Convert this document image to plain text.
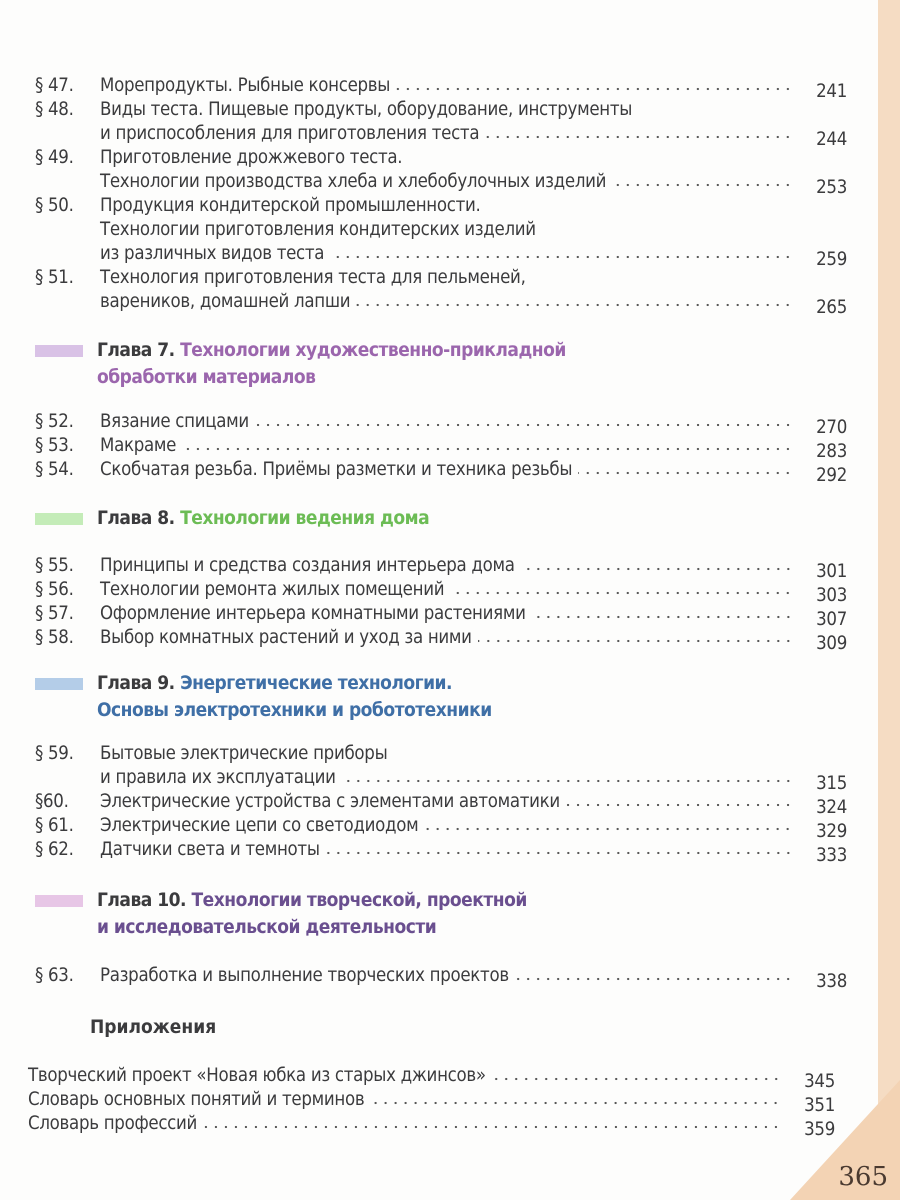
§ 47.	Морепродукты. Рыбные консервы	241
§ 48.	Виды теста. Пищевые продукты, оборудование, инструменты
и приспособления для приготовления теста	244
§ 49.	Приготовление дрожжевого теста.
Технологии производства хлеба и хлебобулочных изделий	253
§ 50.	Продукция кондитерской промышленности.
Технологии приготовления кондитерских изделий
из различных видов теста	259
§ 51.	Технология приготовления теста для пельменей,
вареников, домашней лапши	265
§ 52.	Вязание спицами	270
§ 53.	Макраме	283
§ 54.	Скобчатая резьба. Приёмы разметки и техника резьбы	292
§ 55.	Принципы и средства создания интерьера дома	301
§ 56.	Технологии ремонта жилых помещений	303
§ 57.	Оформление интерьера комнатными растениями	307
§ 58.	Выбор комнатных растений и уход за ними	309
§ 59.	Бытовые электрические приборы
и правила их эксплуатации	315
§60.	Электрические устройства с элементами автоматики	324
§ 61.	Электрические цепи со светодиодом	329
§ 62.	Датчики света и темноты	333
§ 63.	Разработка и выполнение творческих проектов	338
Творческий проект «Новая юбка из старых джинсов»	345
Словарь основных понятий и терминов	351
Словарь профессий	359
Глава 7. Технологии художественно-прикладной
обработки материалов
Глава 8. Технологии ведения дома
Глава 9. Энергетические технологии.
Основы электротехники и робототехники
Глава 10. Технологии творческой, проектной
и исследовательской деятельности
Приложения
365
